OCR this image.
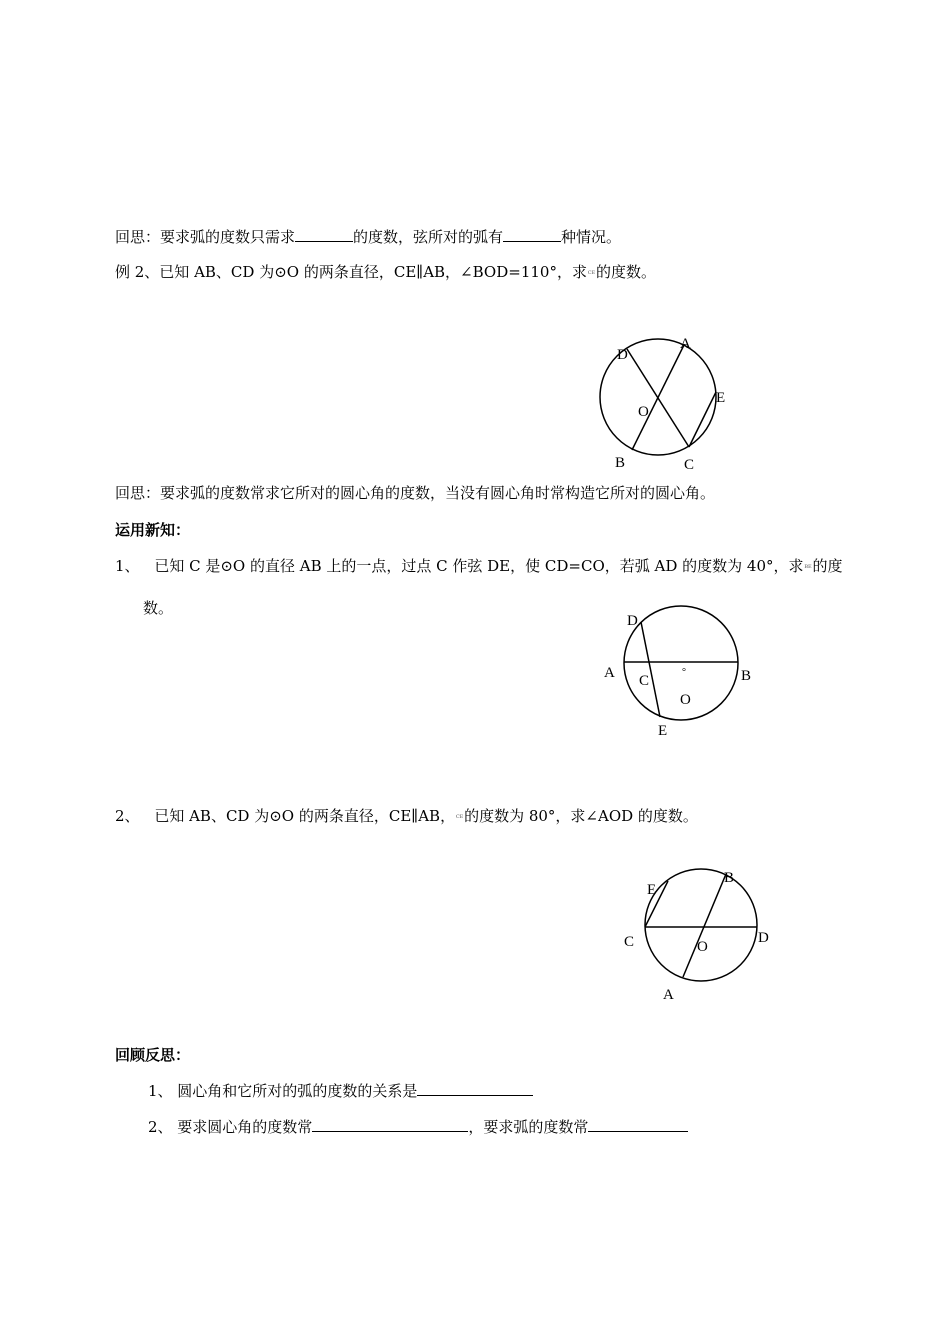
回思：要求弧的度数只需求	的度数，弦所对的弧有	种情况。
例 2、已知 AB、CD 为⊙O 的两条直径，CE∥AB，∠BOD=110°，求CE的度数。
D
A
E
O
B	C
回思：要求弧的度数常求它所对的圆心角的度数，当没有圆心角时常构造它所对的圆心角。
运用新知：
1、 已知 C 是⊙O 的直径 AB 上的一点，过点 C 作弦 DE，使 CD=CO，若弧 AD 的度数为 40°，求BE的度
数。
D
A	B
C
°
O
E
2、 已知 AB、CD 为⊙O 的两条直径，CE∥AB，CE的度数为 80°，求∠AOD 的度数。
E
B
C	D
O
A
回顾反思：
1、 圆心角和它所对的弧的度数的关系是
2、 要求圆心角的度数常	，要求弧的度数常
